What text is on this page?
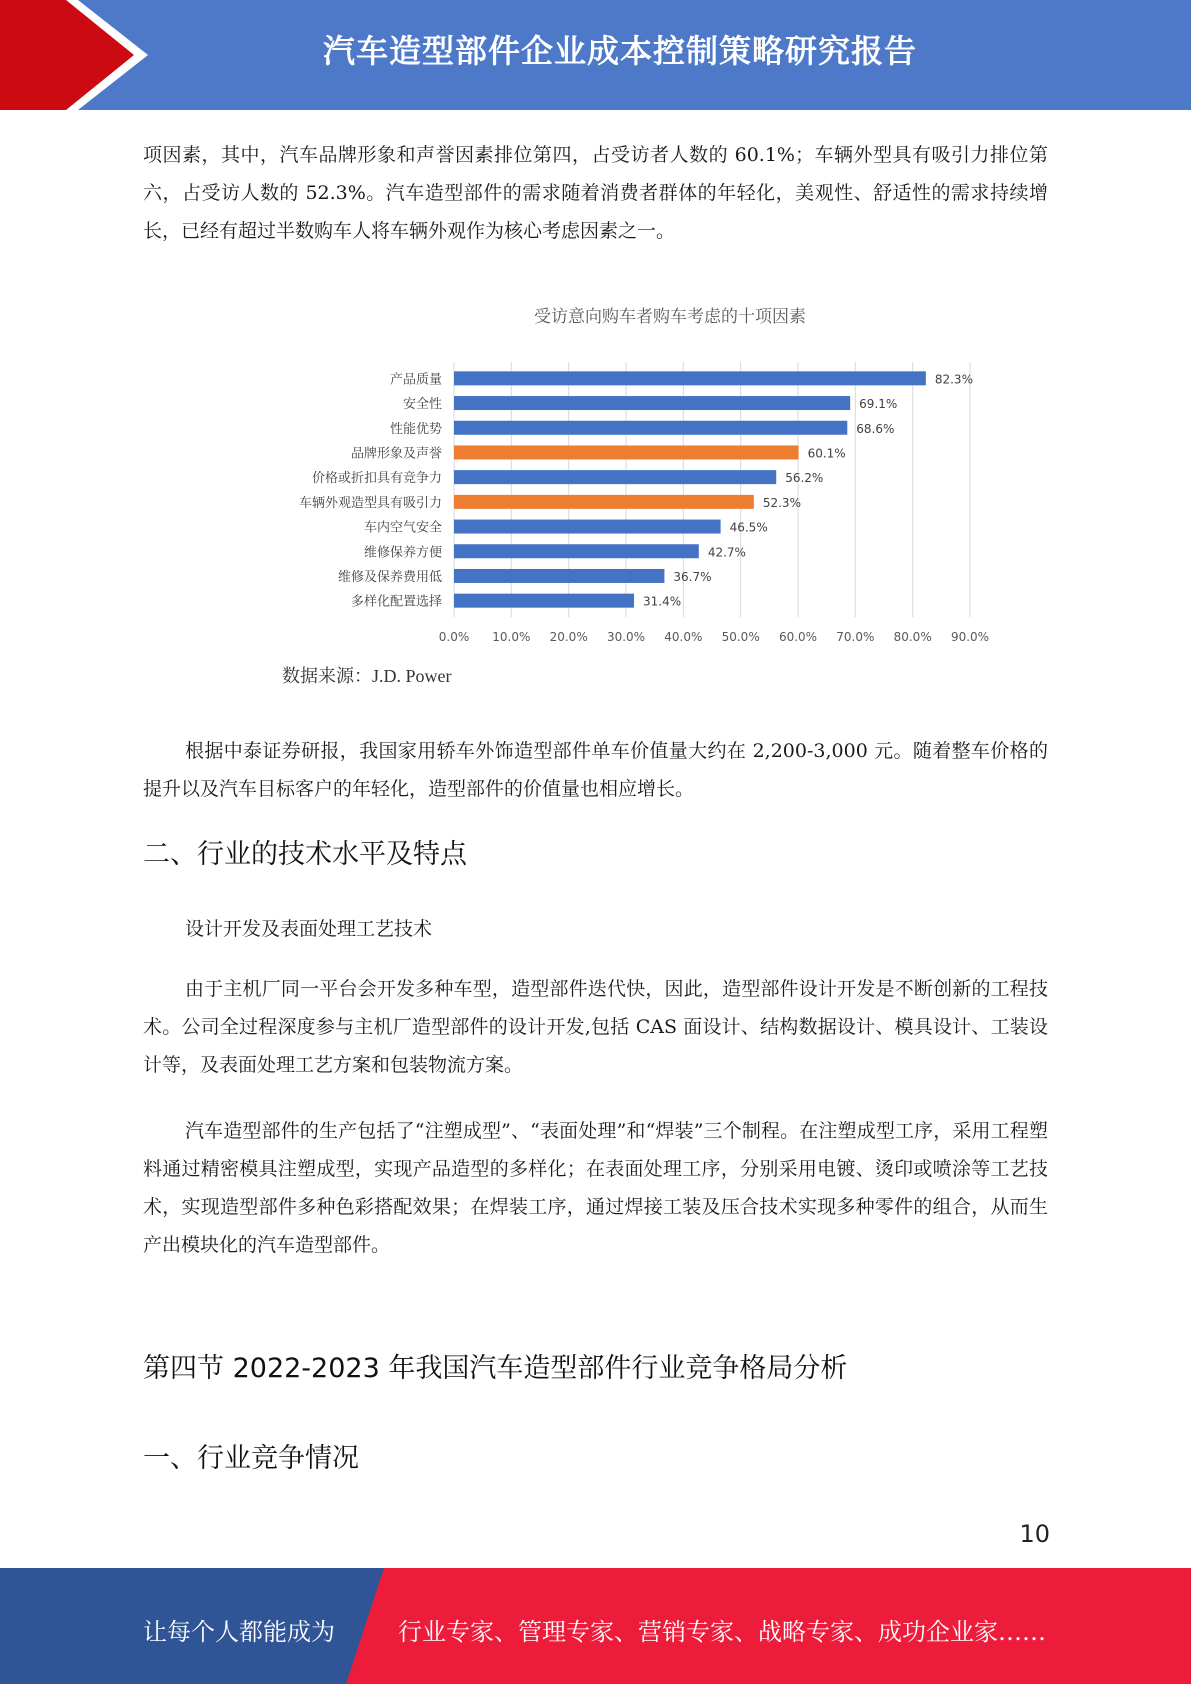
汽车造型部件企业成本控制策略研究报告
项因素，其中，汽车品牌形象和声誉因素排位第四，占受访者人数的 60.1%；车辆外型具有吸引力排位第六，占受访人数的 52.3%。汽车造型部件的需求随着消费者群体的年轻化，美观性、舒适性的需求持续增长，已经有超过半数购车人将车辆外观作为核心考虑因素之一。
受访意向购车者购车考虑的十项因素
产品质量
安全性
性能优势
品牌形象及声誉
价格或折扣具有竞争力
车辆外观造型具有吸引力
车内空气安全
维修保养方便
维修及保养费用低
多样化配置选择
82.3%
69.1%
68.6%
60.1%
56.2%
52.3%
46.5%
42.7%
36.7%
31.4%
0.0% 10.0% 20.0% 30.0% 40.0% 50.0% 60.0% 70.0% 80.0% 90.0%
数据来源：J.D. Power
根据中泰证券研报，我国家用轿车外饰造型部件单车价值量大约在 2,200-3,000 元。随着整车价格的提升以及汽车目标客户的年轻化，造型部件的价值量也相应增长。
二、行业的技术水平及特点
设计开发及表面处理工艺技术
由于主机厂同一平台会开发多种车型，造型部件迭代快，因此，造型部件设计开发是不断创新的工程技术。公司全过程深度参与主机厂造型部件的设计开发,包括 CAS 面设计、结构数据设计、模具设计、工装设计等，及表面处理工艺方案和包装物流方案。
汽车造型部件的生产包括了“注塑成型”、“表面处理”和“焊装”三个制程。在注塑成型工序，采用工程塑料通过精密模具注塑成型，实现产品造型的多样化；在表面处理工序，分别采用电镀、烫印或喷涂等工艺技术，实现造型部件多种色彩搭配效果；在焊装工序，通过焊接工装及压合技术实现多种零件的组合，从而生产出模块化的汽车造型部件。
第四节 2022-2023 年我国汽车造型部件行业竞争格局分析
一、行业竞争情况
10
让每个人都能成为	行业专家、管理专家、营销专家、战略专家、成功企业家……
